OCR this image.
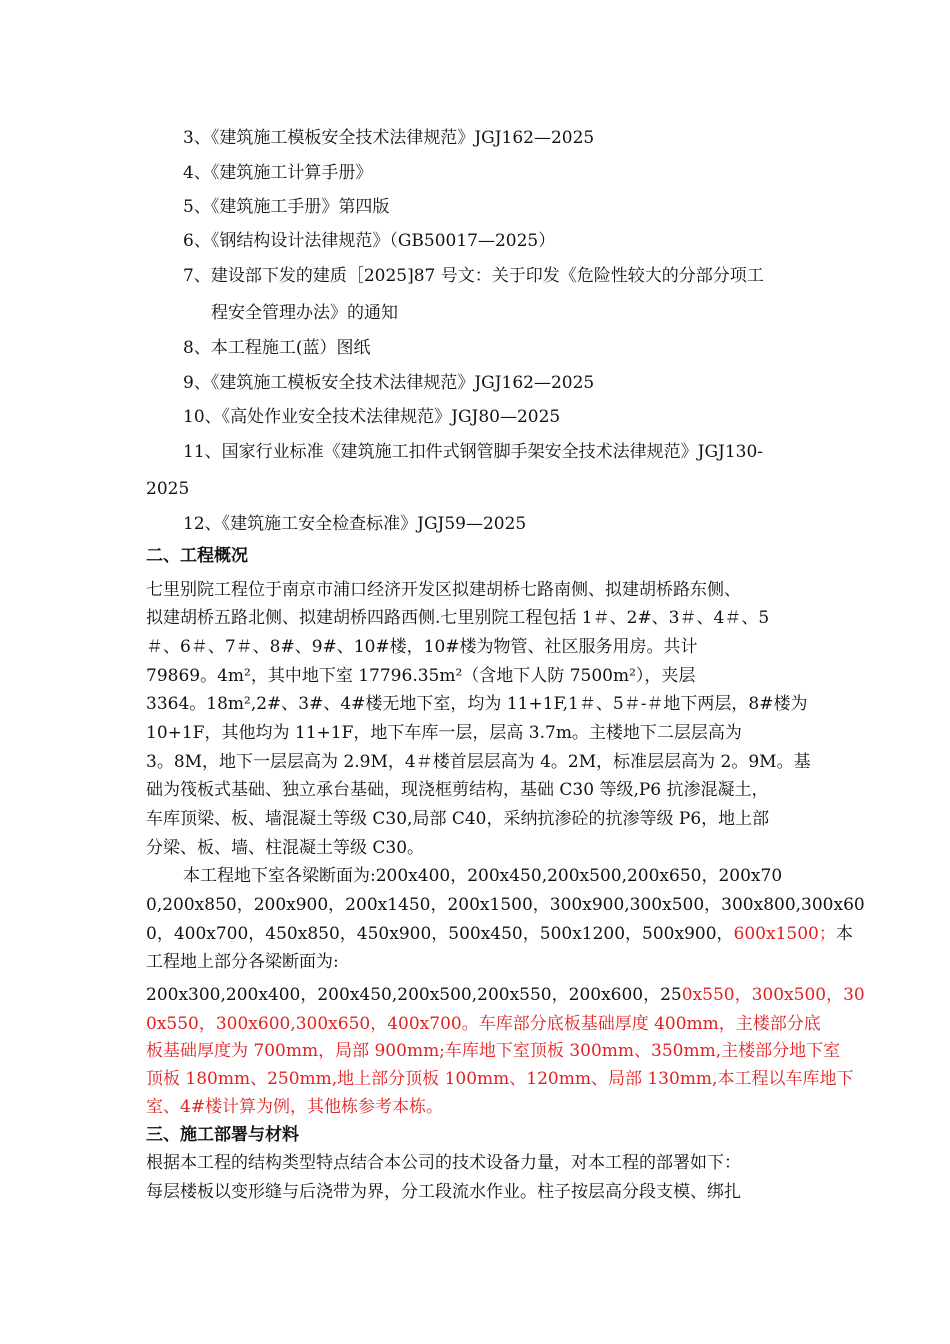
3、《建筑施工模板安全技术法律规范》JGJ162—2025
4、《建筑施工计算手册》
5、《建筑施工手册》第四版
6、《钢结构设计法律规范》（GB50017—2025）
7、建设部下发的建质［2025]87 号文：关于印发《危险性较大的分部分项工
程安全管理办法》的通知
8、本工程施工(蓝）图纸
9、《建筑施工模板安全技术法律规范》JGJ162—2025
10、《高处作业安全技术法律规范》JGJ80—2025
11、国家行业标准《建筑施工扣件式钢管脚手架安全技术法律规范》JGJ130-
2025
12、《建筑施工安全检查标准》JGJ59—2025
二、工程概况
七里别院工程位于南京市浦口经济开发区拟建胡桥七路南侧、拟建胡桥路东侧、
拟建胡桥五路北侧、拟建胡桥四路西侧.七里别院工程包括 1＃、2#、3＃、4＃、5
＃、6＃、7＃、8#、9#、10#楼，10#楼为物管、社区服务用房。共计
79869。4m²，其中地下室 17796.35m²（含地下人防 7500m²），夹层
3364。18m²,2#、3#、4#楼无地下室，均为 11+1F,1＃、5＃-＃地下两层，8#楼为
10+1F，其他均为 11+1F，地下车库一层，层高 3.7m。主楼地下二层层高为
3。8M，地下一层层高为 2.9M，4＃楼首层层高为 4。2M，标准层层高为 2。9M。基
础为筏板式基础、独立承台基础，现浇框剪结构，基础 C30 等级,P6 抗渗混凝土，
车库顶梁、板、墙混凝土等级 C30,局部 C40，采纳抗渗砼的抗渗等级 P6，地上部
分梁、板、墙、柱混凝土等级 C30。
本工程地下室各梁断面为:200x400，200x450,200x500,200x650，200x70
0,200x850，200x900，200x1450，200x1500，300x900,300x500，300x800,300x60
0，400x700，450x850，450x900，500x450，500x1200，500x900，600x1500；本
工程地上部分各梁断面为:
200x300,200x400，200x450,200x500,200x550，200x600，250x550，300x500，30
0x550，300x600,300x650，400x700。车库部分底板基础厚度 400mm，主楼部分底
板基础厚度为 700mm，局部 900mm;车库地下室顶板 300mm、350mm,主楼部分地下室
顶板 180mm、250mm,地上部分顶板 100mm、120mm、局部 130mm,本工程以车库地下
室、4#楼计算为例，其他栋参考本栋。
三、施工部署与材料
根据本工程的结构类型特点结合本公司的技术设备力量，对本工程的部署如下：
每层楼板以变形缝与后浇带为界，分工段流水作业。柱子按层高分段支模、绑扎
